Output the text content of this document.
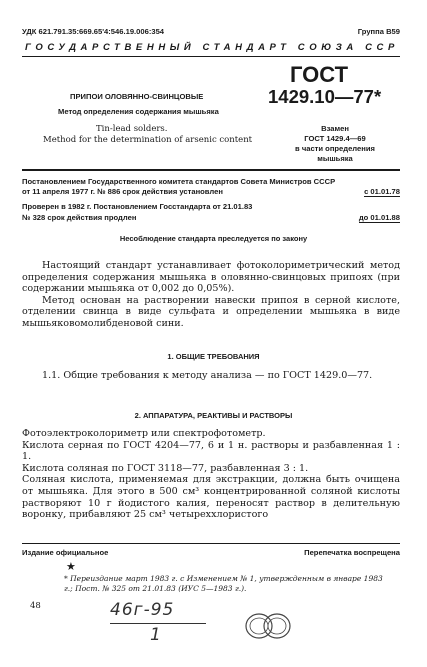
УДК 621.791.35:669.65'4:546.19.006:354	Группа В59
ГОСУДАРСТВЕННЫЙ СТАНДАРТ СОЮЗА ССР
ПРИПОИ ОЛОВЯННО-СВИНЦОВЫЕ
Метод определения содержания мышьяка
Tin-lead solders.
Method for the determination of arsenic content
ГОСТ
1429.10—77*
Взамен
ГОСТ 1429.4—69
в части определения
мышьяка
Постановлением Государственного комитета стандартов Совета Министров СССР
от 11 апреля 1977 г. № 886 срок действия установлен	с 01.01.78
Проверен в 1982 г. Постановлением Госстандарта от 21.01.83
№ 328 срок действия продлен	до 01.01.88
Несоблюдение стандарта преследуется по закону

Настоящий стандарт устанавливает фотоколориметрический метод определения содержания мышьяка в оловянно-свинцовых припоях (при содержании мышьяка от 0,002 до 0,05%).

Метод основан на растворении навески припоя в серной кислоте, отделении свинца в виде сульфата и определении мышьяка в виде мышьяковомолибденовой сини.

1. ОБЩИЕ ТРЕБОВАНИЯ

1.1. Общие требования к методу анализа — по ГОСТ 1429.0—77.

2. АППАРАТУРА, РЕАКТИВЫ И РАСТВОРЫ

Фотоэлектроколориметр или спектрофотометр.

Кислота серная по ГОСТ 4204—77, 6 и 1 н. растворы и разбавленная 1 : 1.

Кислота соляная по ГОСТ 3118—77, разбавленная 3 : 1.

Соляная кислота, применяемая для экстракции, должна быть очищена от мышьяка. Для этого в 500 см³ концентрированной соляной кислоты растворяют 10 г йодистого калия, переносят раствор в делительную воронку, прибавляют 25 см³ четыреххлористого

Издание официальное	Перепечатка воспрещена
★
* Переиздание март 1983 г. с Изменением № 1, утвержденным в январе 1983 г.; Пост. № 325 от 21.01.83 (ИУС 5—1983 г.).
48	46г-95
1
